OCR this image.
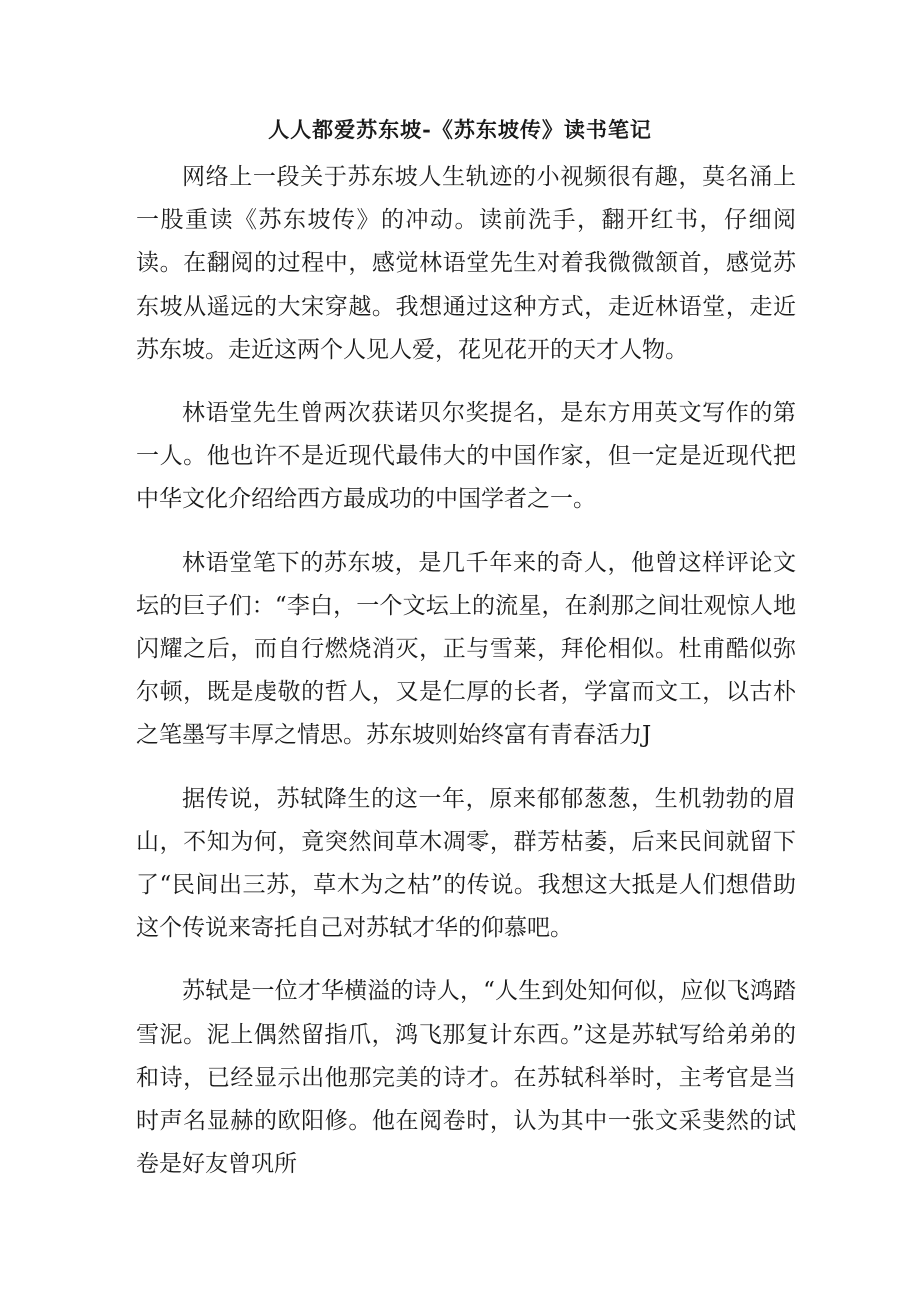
人人都爱苏东坡-《苏东坡传》读书笔记

网络上一段关于苏东坡人生轨迹的小视频很有趣，莫名涌上一股重读《苏东坡传》的冲动。读前洗手，翻开红书，仔细阅读。在翻阅的过程中，感觉林语堂先生对着我微微颔首，感觉苏东坡从遥远的大宋穿越。我想通过这种方式，走近林语堂，走近苏东坡。走近这两个人见人爱，花见花开的天才人物。

林语堂先生曾两次获诺贝尔奖提名，是东方用英文写作的第一人。他也许不是近现代最伟大的中国作家，但一定是近现代把中华文化介绍给西方最成功的中国学者之一。

林语堂笔下的苏东坡，是几千年来的奇人，他曾这样评论文坛的巨子们：“李白，一个文坛上的流星，在刹那之间壮观惊人地闪耀之后，而自行燃烧消灭，正与雪莱，拜伦相似。杜甫酷似弥尔顿，既是虔敬的哲人，又是仁厚的长者，学富而文工，以古朴之笔墨写丰厚之情思。苏东坡则始终富有青春活力J

据传说，苏轼降生的这一年，原来郁郁葱葱，生机勃勃的眉山，不知为何，竟突然间草木凋零，群芳枯萎，后来民间就留下了“民间出三苏，草木为之枯”的传说。我想这大抵是人们想借助这个传说来寄托自己对苏轼才华的仰慕吧。

苏轼是一位才华横溢的诗人，“人生到处知何似，应似飞鸿踏雪泥。泥上偶然留指爪，鸿飞那复计东西。”这是苏轼写给弟弟的和诗，已经显示出他那完美的诗才。在苏轼科举时，主考官是当时声名显赫的欧阳修。他在阅卷时，认为其中一张文采斐然的试卷是好友曾巩所
